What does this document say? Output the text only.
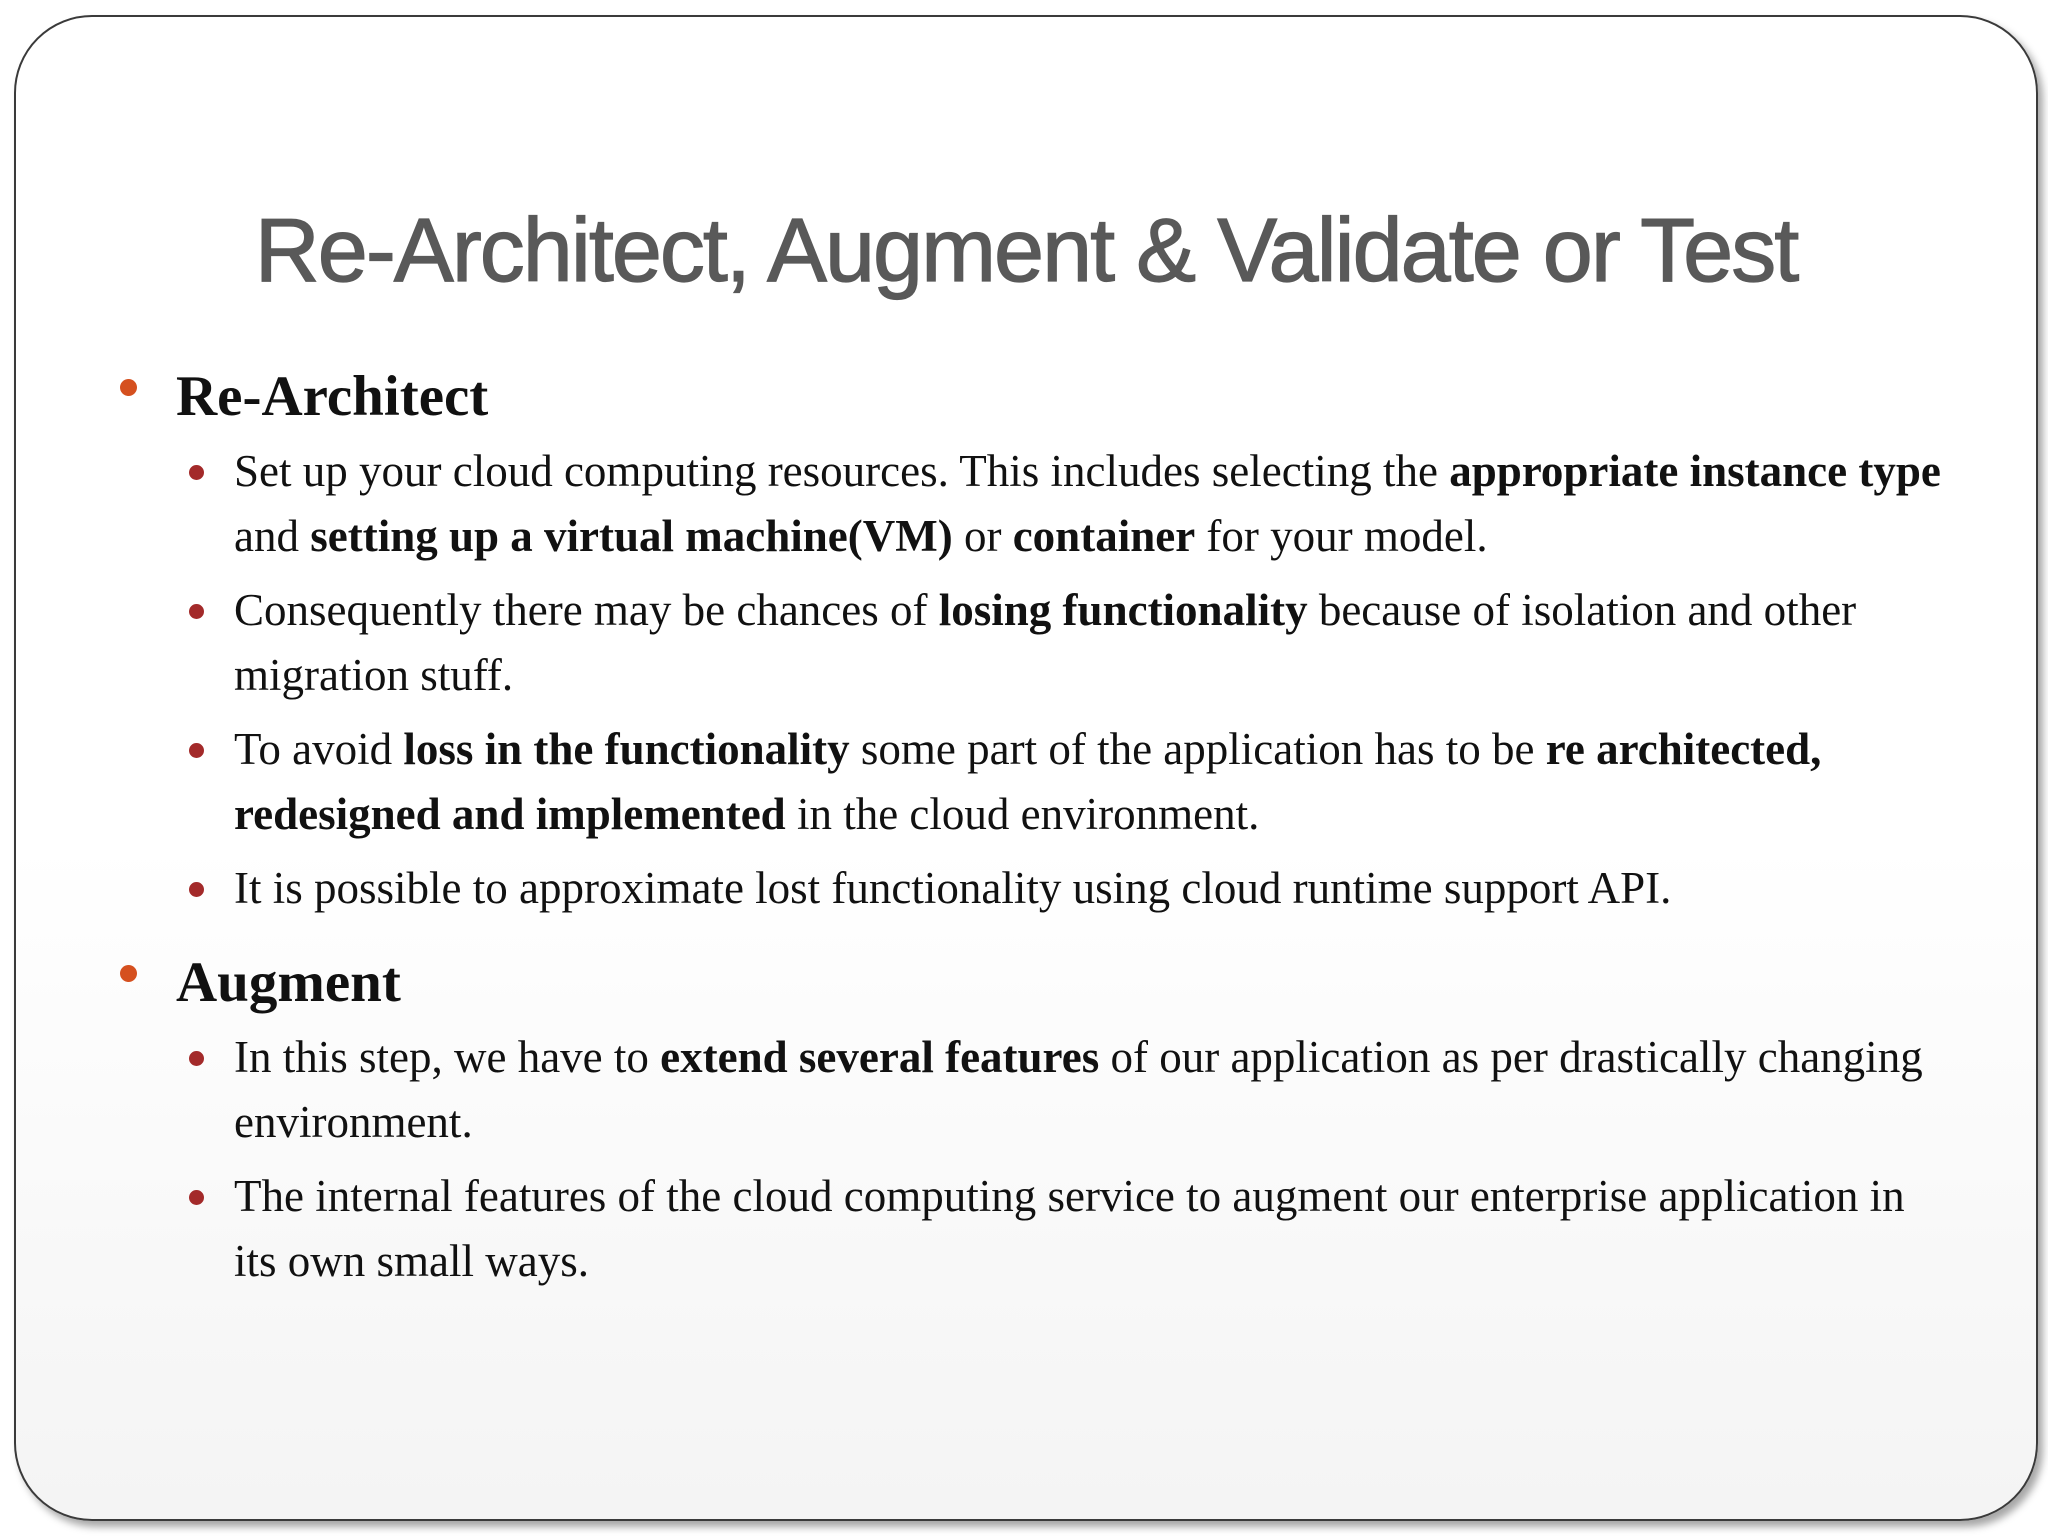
Re-Architect, Augment & Validate or Test
Re-Architect
Set up your cloud computing resources. This includes selecting the appropriate instance type and setting up a virtual machine(VM) or container for your model.
Consequently there may be chances of losing functionality because of isolation and other migration stuff.
To avoid loss in the functionality some part of the application has to be re architected, redesigned and implemented in the cloud environment.
It is possible to approximate lost functionality using cloud runtime support API.
Augment
In this step, we have to extend several features of our application as per drastically changing environment.
The internal features of the cloud computing service to augment our enterprise application in its own small ways.
